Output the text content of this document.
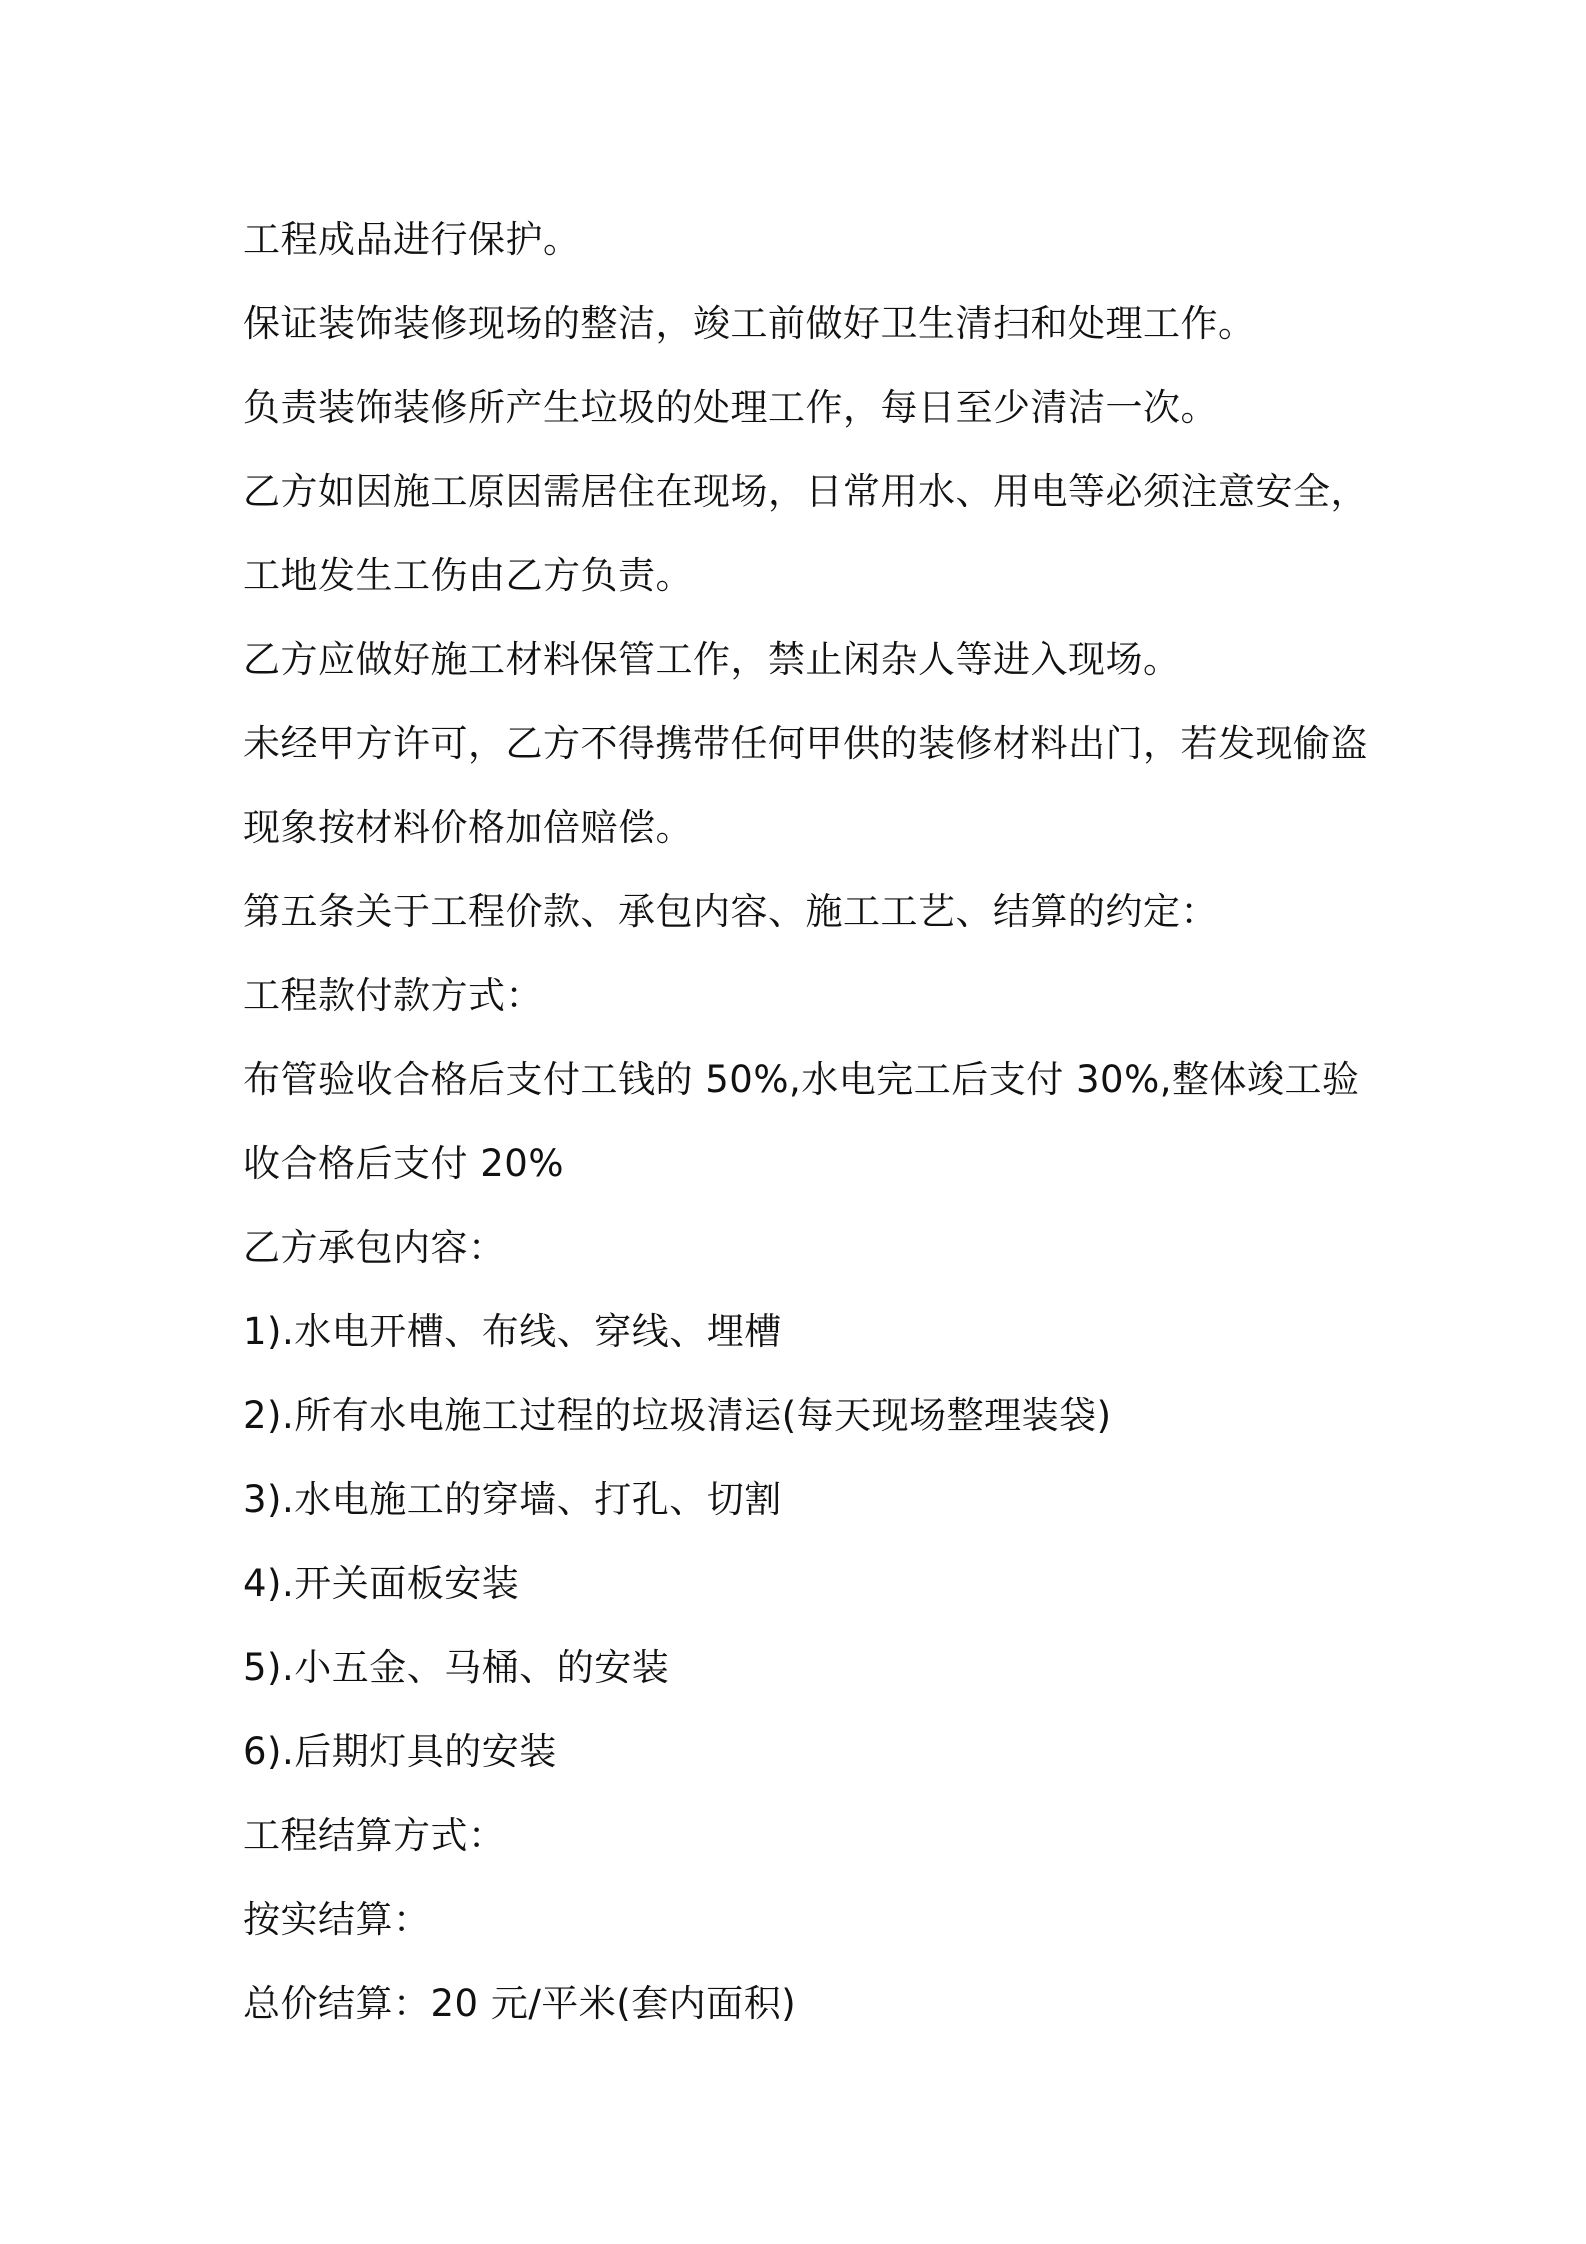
工程成品进行保护。
保证装饰装修现场的整洁，竣工前做好卫生清扫和处理工作。
负责装饰装修所产生垃圾的处理工作，每日至少清洁一次。
乙方如因施工原因需居住在现场，日常用水、用电等必须注意安全，
工地发生工伤由乙方负责。
乙方应做好施工材料保管工作，禁止闲杂人等进入现场。
未经甲方许可，乙方不得携带任何甲供的装修材料出门，若发现偷盗
现象按材料价格加倍赔偿。
第五条关于工程价款、承包内容、施工工艺、结算的约定：
工程款付款方式：
布管验收合格后支付工钱的 50%,水电完工后支付 30%,整体竣工验
收合格后支付 20%
乙方承包内容：
1).水电开槽、布线、穿线、埋槽
2).所有水电施工过程的垃圾清运(每天现场整理装袋)
3).水电施工的穿墙、打孔、切割
4).开关面板安装
5).小五金、马桶、的安装
6).后期灯具的安装
工程结算方式：
按实结算：
总价结算：20 元/平米(套内面积)
